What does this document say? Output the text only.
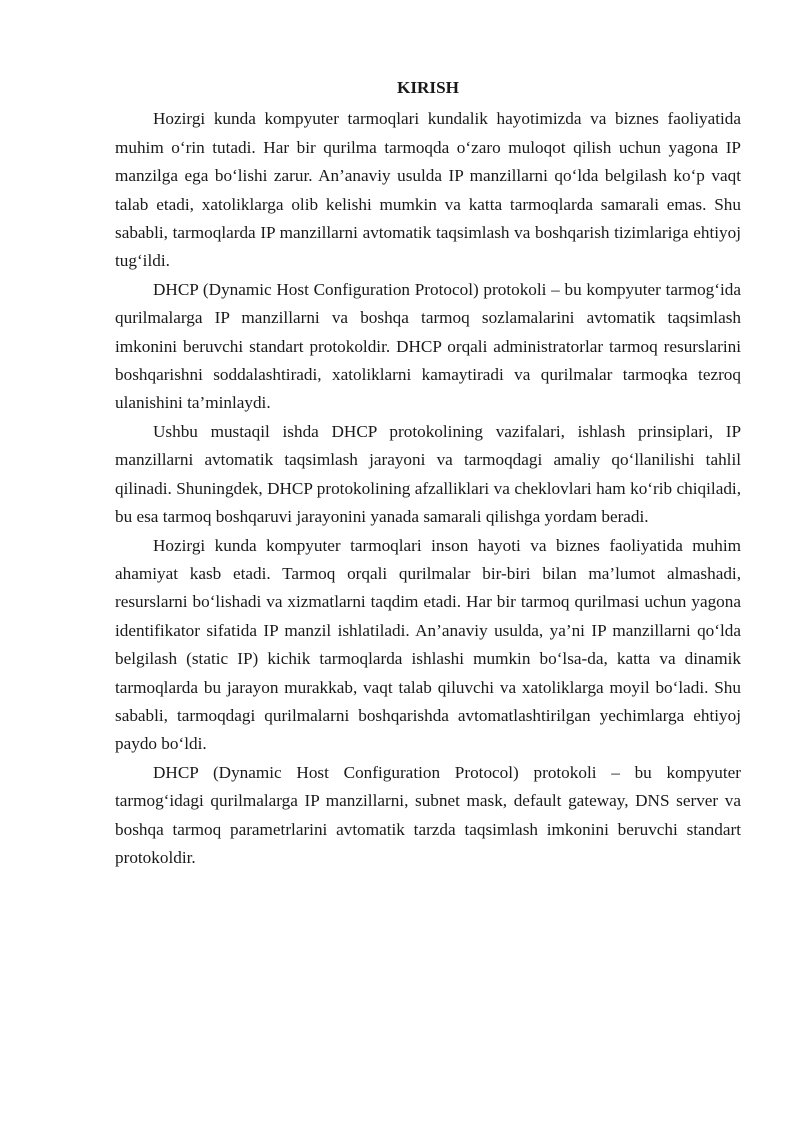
KIRISH

Hozirgi kunda kompyuter tarmoqlari kundalik hayotimizda va biznes faoliyatida muhim oʻrin tutadi. Har bir qurilma tarmoqda oʻzaro muloqot qilish uchun yagona IP manzilga ega boʻlishi zarur. An’anaviy usulda IP manzillarni qoʻlda belgilash koʻp vaqt talab etadi, xatoliklarga olib kelishi mumkin va katta tarmoqlarda samarali emas. Shu sababli, tarmoqlarda IP manzillarni avtomatik taqsimlash va boshqarish tizimlariga ehtiyoj tugʻildi.

DHCP (Dynamic Host Configuration Protocol) protokoli – bu kompyuter tarmogʻida qurilmalarga IP manzillarni va boshqa tarmoq sozlamalarini avtomatik taqsimlash imkonini beruvchi standart protokoldir. DHCP orqali administratorlar tarmoq resurslarini boshqarishni soddalashtiradi, xatoliklarni kamaytiradi va qurilmalar tarmoqka tezroq ulanishini ta’minlaydi.

Ushbu mustaqil ishda DHCP protokolining vazifalari, ishlash prinsiplari, IP manzillarni avtomatik taqsimlash jarayoni va tarmoqdagi amaliy qoʻllanilishi tahlil qilinadi. Shuningdek, DHCP protokolining afzalliklari va cheklovlari ham koʻrib chiqiladi, bu esa tarmoq boshqaruvi jarayonini yanada samarali qilishga yordam beradi.

Hozirgi kunda kompyuter tarmoqlari inson hayoti va biznes faoliyatida muhim ahamiyat kasb etadi. Tarmoq orqali qurilmalar bir-biri bilan ma’lumot almashadi, resurslarni boʻlishadi va xizmatlarni taqdim etadi. Har bir tarmoq qurilmasi uchun yagona identifikator sifatida IP manzil ishlatiladi. An’anaviy usulda, ya’ni IP manzillarni qoʻlda belgilash (static IP) kichik tarmoqlarda ishlashi mumkin boʻlsa-da, katta va dinamik tarmoqlarda bu jarayon murakkab, vaqt talab qiluvchi va xatoliklarga moyil boʻladi. Shu sababli, tarmoqdagi qurilmalarni boshqarishda avtomatlashtirilgan yechimlarga ehtiyoj paydo boʻldi.

DHCP (Dynamic Host Configuration Protocol) protokoli – bu kompyuter tarmogʻidagi qurilmalarga IP manzillarni, subnet mask, default gateway, DNS server va boshqa tarmoq parametrlarini avtomatik tarzda taqsimlash imkonini beruvchi standart protokoldir.
